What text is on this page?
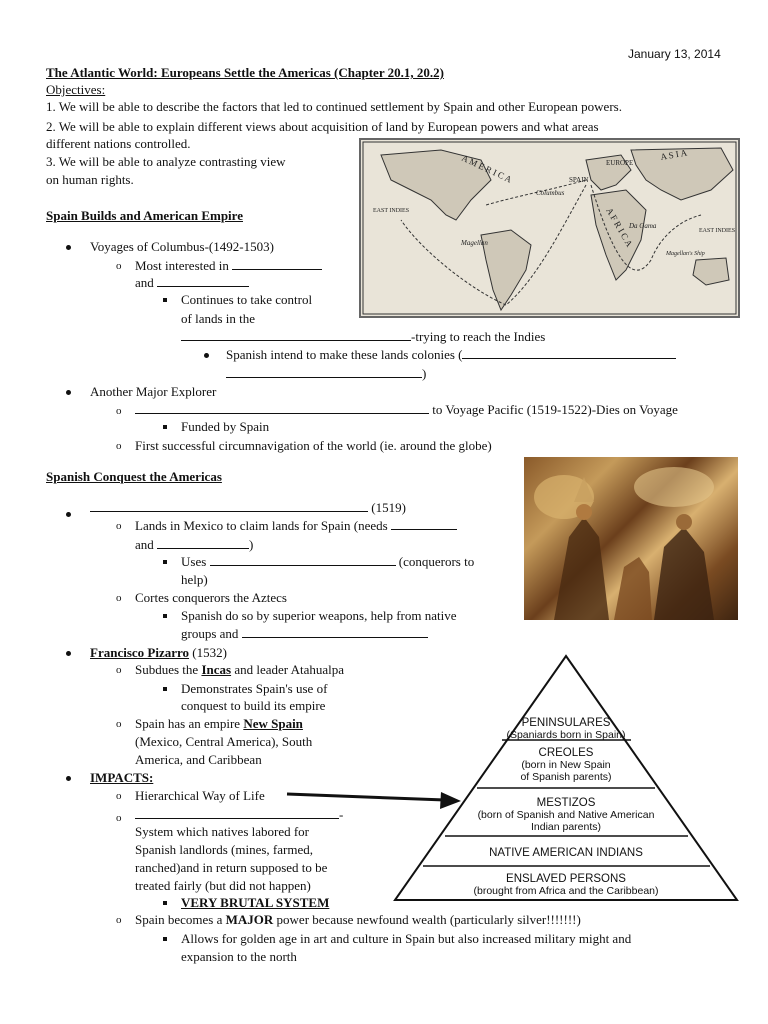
January 13, 2014
The Atlantic World: Europeans Settle the Americas (Chapter 20.1, 20.2)
Objectives:
1. We will be able to describe the factors that led to continued settlement by Spain and other European powers.
2. We will be able to explain different views about acquisition of land by European powers and what areas
different nations controlled.
3. We will be able to analyze contrasting view
on human rights.	A M E R I C A	A S I A
EUROPE
SPAIN
A F R I C A
Columbus
Magellan
Da Gama
EAST INDIES
EAST INDIES
Magellan's Ship
Spain Builds and American Empire
Voyages of Columbus-(1492-1503)
o Most interested in
and
Continues to take control
of lands in the
-trying to reach the Indies
Spanish intend to make these lands colonies (
)
Another Major Explorer
o	to Voyage Pacific (1519-1522)-Dies on Voyage
Funded by Spain
o First successful circumnavigation of the world (ie. around the globe)
Spanish Conquest the Americas
(1519)
o Lands in Mexico to claim lands for Spain (needs
and	)
Uses	(conquerors to
help)
o Cortes conquerors the Aztecs
Spanish do so by superior weapons, help from native
groups and
Francisco Pizarro (1532)
o Subdues the Incas and leader Atahualpa
Demonstrates Spain's use of
conquest to build its empire
o Spain has an empire New Spain
(Mexico, Central America), South
America, and Caribbean
IMPACTS:
o Hierarchical Way of Life
o	-
System which natives labored for
Spanish landlords (mines, farmed,
ranched)and in return supposed to be
treated fairly (but did not happen)
VERY BRUTAL SYSTEM
o Spain becomes a MAJOR power because newfound wealth (particularly silver!!!!!!!)
Allows for golden age in art and culture in Spain but also increased military might and
expansion to the north
PENINSULARES
(Spaniards born in Spain)
CREOLES
(born in New Spain
of Spanish parents)
MESTIZOS
(born of Spanish and Native American
Indian parents)
NATIVE AMERICAN INDIANS
ENSLAVED PERSONS
(brought from Africa and the Caribbean)
